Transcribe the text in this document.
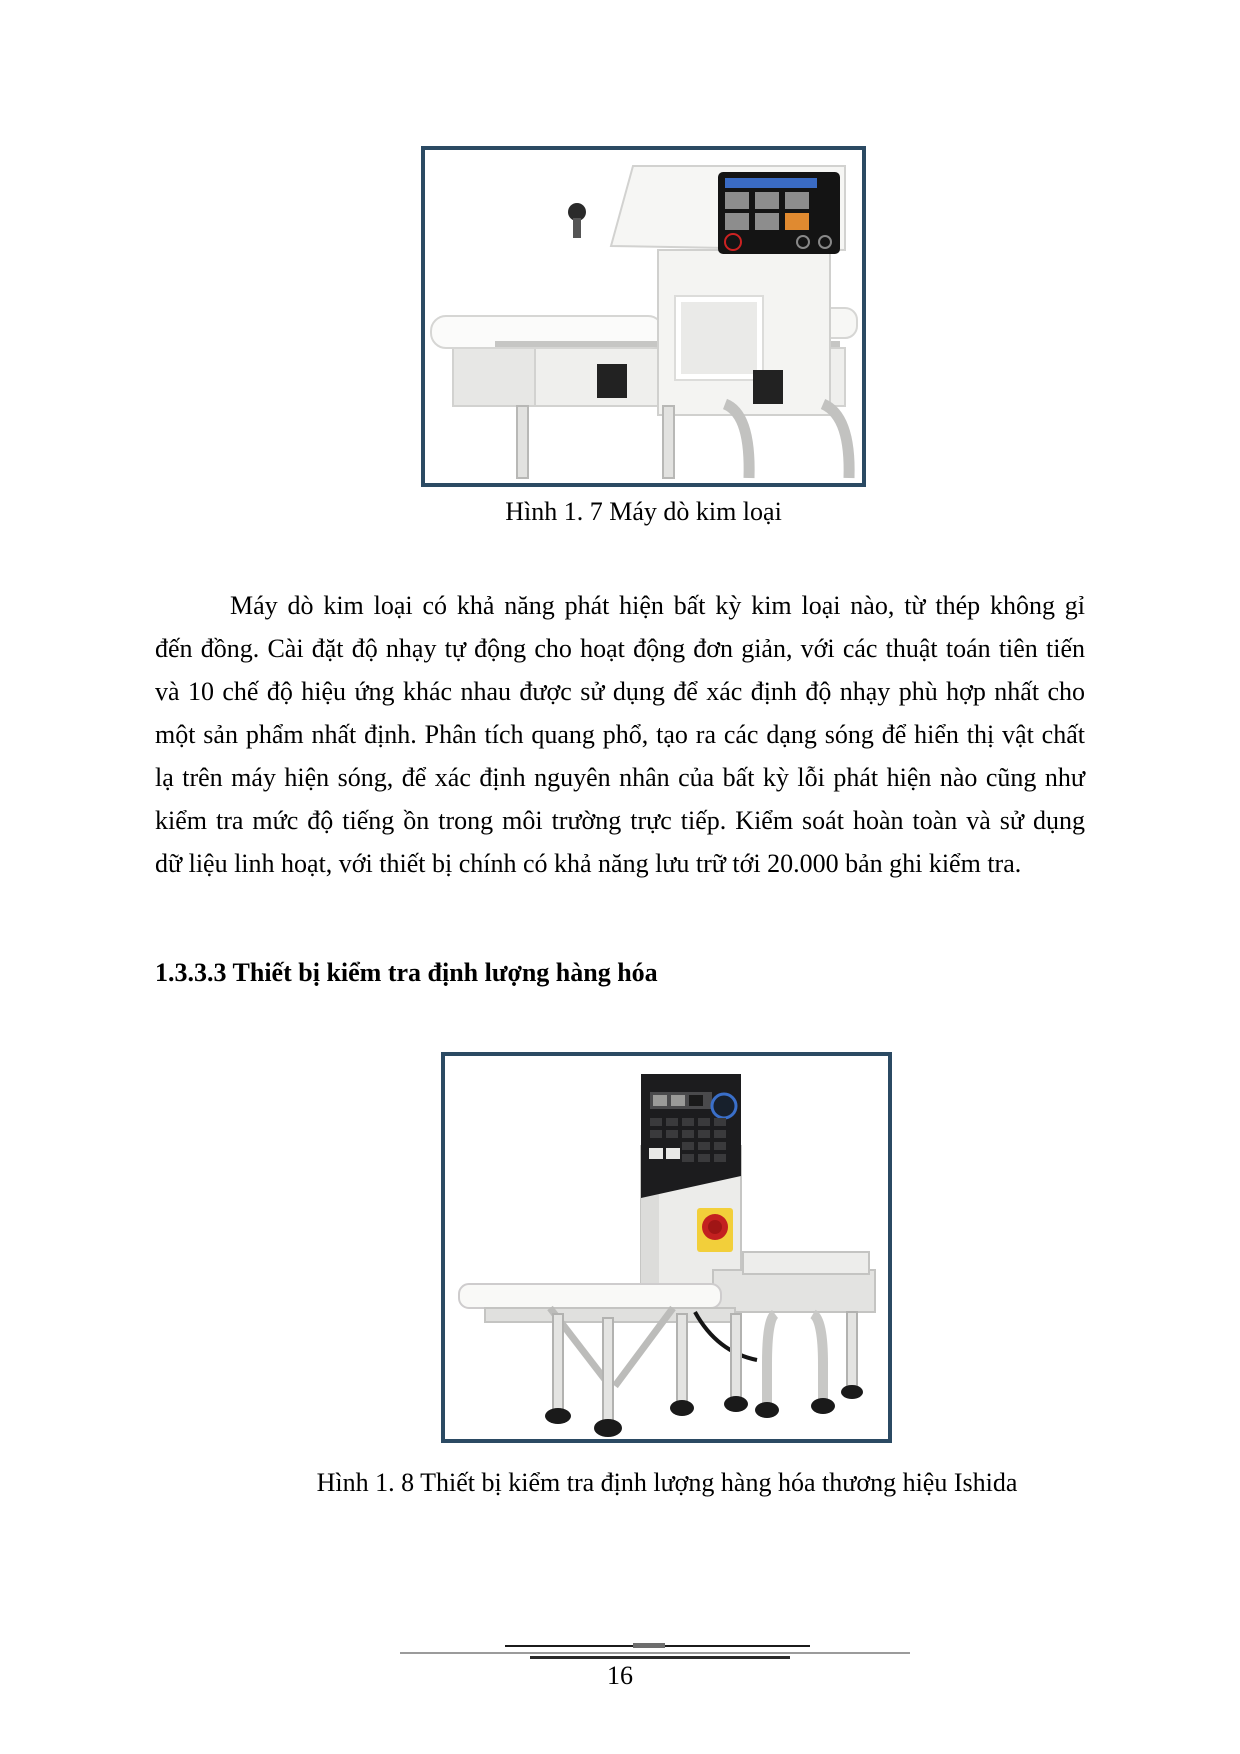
Hình 1. 7 Máy dò kim loại
Máy dò kim loại có khả năng phát hiện bất kỳ kim loại nào, từ thép không gỉ
đến đồng. Cài đặt độ nhạy tự động cho hoạt động đơn giản, với các thuật toán tiên tiến
và 10 chế độ hiệu ứng khác nhau được sử dụng để xác định độ nhạy phù hợp nhất cho
một sản phẩm nhất định. Phân tích quang phổ, tạo ra các dạng sóng để hiển thị vật chất
lạ trên máy hiện sóng, để xác định nguyên nhân của bất kỳ lỗi phát hiện nào cũng như
kiểm tra mức độ tiếng ồn trong môi trường trực tiếp. Kiểm soát hoàn toàn và sử dụng
dữ liệu linh hoạt, với thiết bị chính có khả năng lưu trữ tới 20.000 bản ghi kiểm tra.
1.3.3.3 Thiết bị kiểm tra định lượng hàng hóa
Hình 1. 8 Thiết bị kiểm tra định lượng hàng hóa thương hiệu Ishida
16
